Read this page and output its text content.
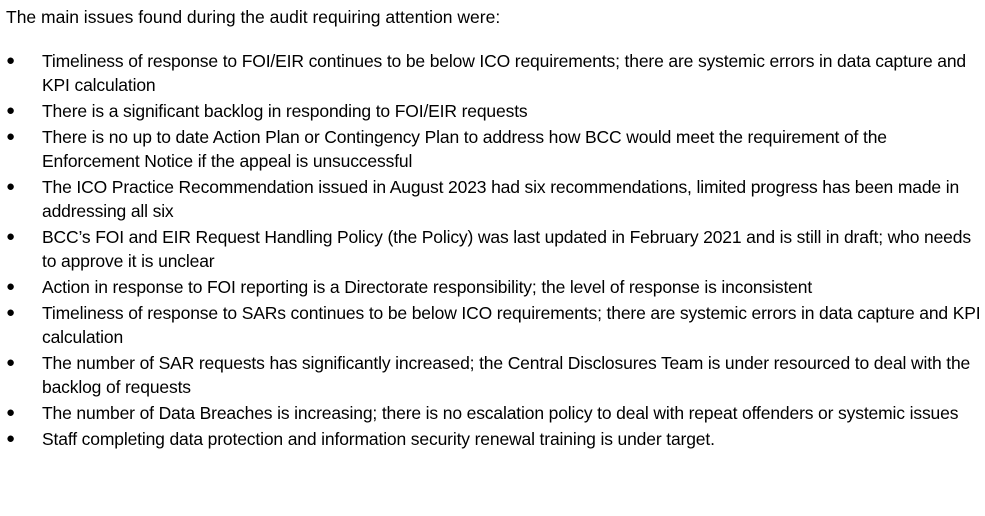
The main issues found during the audit requiring attention were:

● Timeliness of response to FOI/EIR continues to be below ICO requirements; there are systemic errors in data capture and KPI calculation
● There is a significant backlog in responding to FOI/EIR requests
● There is no up to date Action Plan or Contingency Plan to address how BCC would meet the requirement of the Enforcement Notice if the appeal is unsuccessful
● The ICO Practice Recommendation issued in August 2023 had six recommendations, limited progress has been made in addressing all six
● BCC’s FOI and EIR Request Handling Policy (the Policy) was last updated in February 2021 and is still in draft; who needs to approve it is unclear
● Action in response to FOI reporting is a Directorate responsibility; the level of response is inconsistent
● Timeliness of response to SARs continues to be below ICO requirements; there are systemic errors in data capture and KPI calculation
● The number of SAR requests has significantly increased; the Central Disclosures Team is under resourced to deal with the backlog of requests
● The number of Data Breaches is increasing; there is no escalation policy to deal with repeat offenders or systemic issues
● Staff completing data protection and information security renewal training is under target.
